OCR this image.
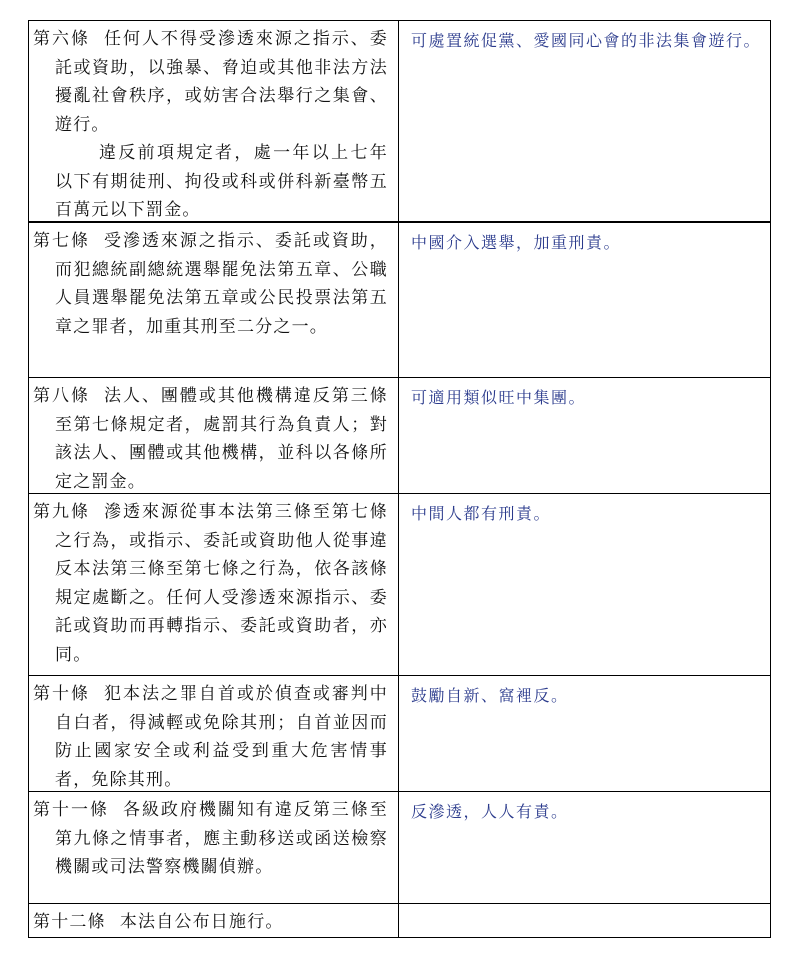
第六條 任何人不得受滲透來源之指示、委託或資助，以強暴、脅迫或其他非法方法擾亂社會秩序，或妨害合法舉行之集會、遊行。

違反前項規定者，處一年以上七年以下有期徒刑、拘役或科或併科新臺幣五百萬元以下罰金。

可處置統促黨、愛國同心會的非法集會遊行。

第七條 受滲透來源之指示、委託或資助，而犯總統副總統選舉罷免法第五章、公職人員選舉罷免法第五章或公民投票法第五章之罪者，加重其刑至二分之一。

中國介入選舉，加重刑責。

第八條 法人、團體或其他機構違反第三條至第七條規定者，處罰其行為負責人；對該法人、團體或其他機構，並科以各條所定之罰金。

可適用類似旺中集團。

第九條 滲透來源從事本法第三條至第七條之行為，或指示、委託或資助他人從事違反本法第三條至第七條之行為，依各該條規定處斷之。任何人受滲透來源指示、委託或資助而再轉指示、委託或資助者，亦同。

中間人都有刑責。

第十條 犯本法之罪自首或於偵查或審判中自白者，得減輕或免除其刑；自首並因而防止國家安全或利益受到重大危害情事者，免除其刑。

鼓勵自新、窩裡反。

第十一條 各級政府機關知有違反第三條至第九條之情事者，應主動移送或函送檢察機關或司法警察機關偵辦。

反滲透，人人有責。

第十二條 本法自公布日施行。
